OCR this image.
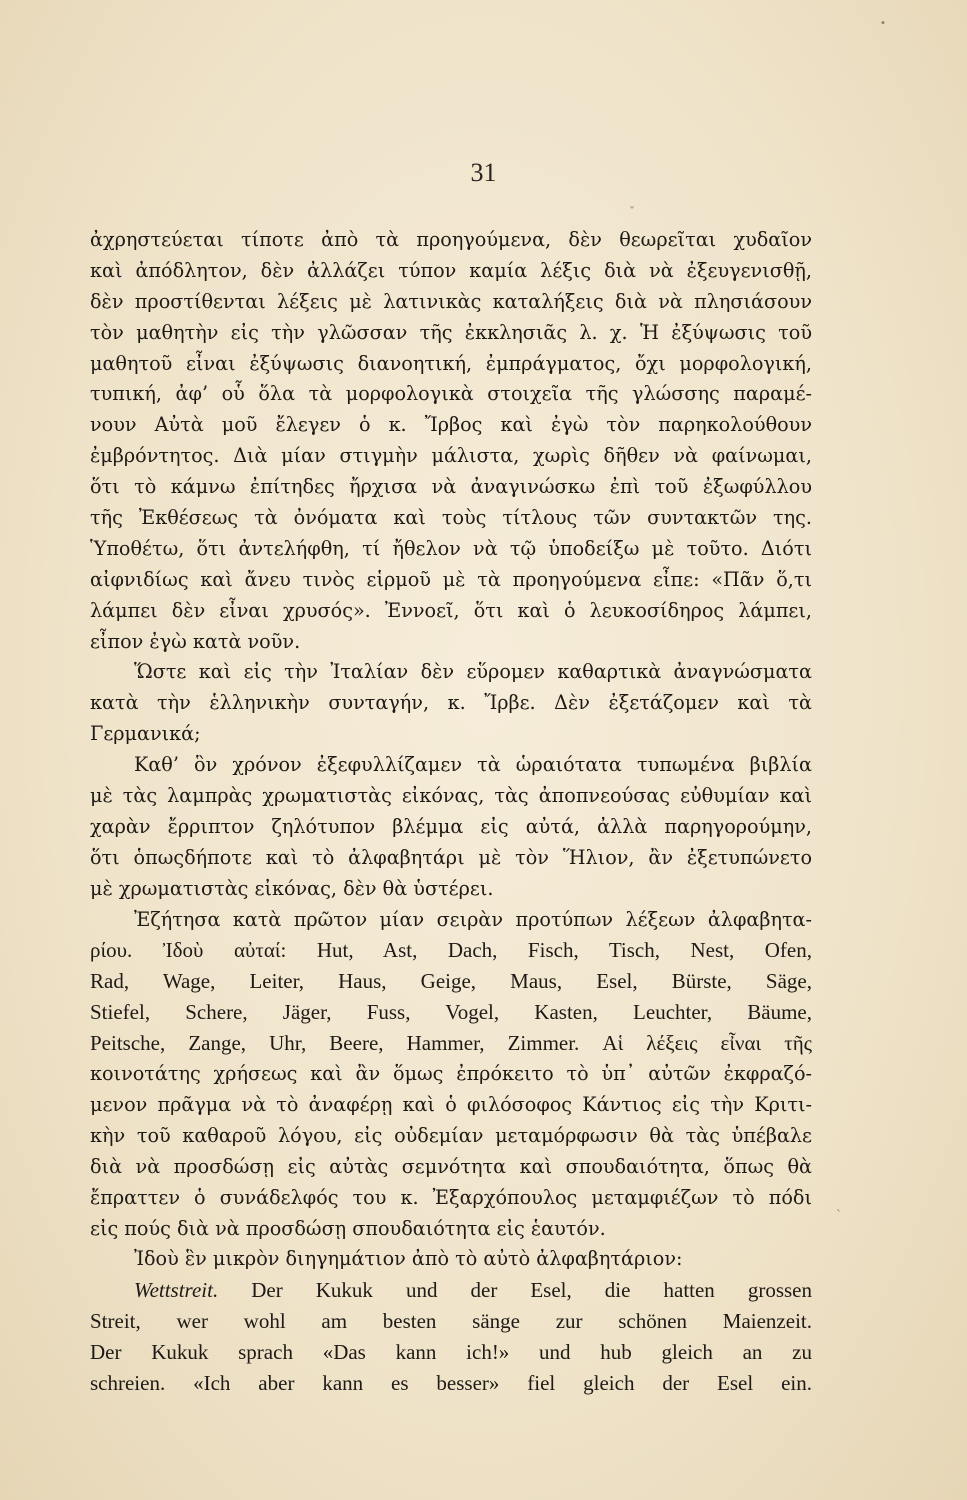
31
ἀχρηστεύεται τίποτε ἀπὸ τὰ προηγούμενα, δὲν θεωρεῖται χυδαῖον
καὶ ἀπόδλητον, δὲν ἀλλάζει τύπον καμία λέξις διὰ νὰ ἐξευγενισθῇ,
δὲν προστίθενται λέξεις μὲ λατινικὰς καταλήξεις διὰ νὰ πλησιάσουν
τὸν μαθητὴν εἰς τὴν γλῶσσαν τῆς ἐκκλησιᾶς λ. χ. Ἡ ἐξύψωσις τοῦ
μαθητοῦ εἶναι ἐξύψωσις διανοητική, ἐμπράγματος, ὄχι μορφολογική,
τυπική, ἀφ’ οὗ ὅλα τὰ μορφολογικὰ στοιχεῖα τῆς γλώσσης παραμέ-
νουν Αὐτὰ μοῦ ἔλεγεν ὁ κ. Ἴρβος καὶ ἐγὼ τὸν παρηκολούθουν
ἐμβρόντητος. Διὰ μίαν στιγμὴν μάλιστα, χωρὶς δῆθεν νὰ φαίνωμαι,
ὅτι τὸ κάμνω ἐπίτηδες ἤρχισα νὰ ἀναγινώσκω ἐπὶ τοῦ ἐξωφύλλου
τῆς Ἐκθέσεως τὰ ὀνόματα καὶ τοὺς τίτλους τῶν συντακτῶν της.
Ὑποθέτω, ὅτι ἀντελήφθη, τί ἤθελον νὰ τῷ ὑποδείξω μὲ τοῦτο. Διότι
αἰφνιδίως καὶ ἄνευ τινὸς εἱρμοῦ μὲ τὰ προηγούμενα εἶπε: «Πᾶν ὅ,τι
λάμπει δὲν εἶναι χρυσός». Ἐννοεῖ, ὅτι καὶ ὁ λευκοσίδηρος λάμπει,
εἶπον ἐγὼ κατὰ νοῦν.
Ὥστε καὶ εἰς τὴν Ἰταλίαν δὲν εὕρομεν καθαρτικὰ ἀναγνώσματα
κατὰ τὴν ἑλληνικὴν συνταγήν, κ. Ἴρβε. Δὲν ἐξετάζομεν καὶ τὰ
Γερμανικά;
Καθ’ ὃν χρόνον ἐξεφυλλίζαμεν τὰ ὡραιότατα τυπωμένα βιβλία
μὲ τὰς λαμπρὰς χρωματιστὰς εἰκόνας, τὰς ἀποπνεούσας εὐθυμίαν καὶ
χαρὰν ἔρριπτον ζηλότυπον βλέμμα εἰς αὐτά, ἀλλὰ παρηγορούμην,
ὅτι ὁπωςδήποτε καὶ τὸ ἀλφαβητάρι μὲ τὸν Ἥλιον, ἂν ἐξετυπώνετο
μὲ χρωματιστὰς εἰκόνας, δὲν θὰ ὑστέρει.
Ἐζήτησα κατὰ πρῶτον μίαν σειρὰν προτύπων λέξεων ἀλφαβητα-
ρίου. Ἰδοὺ αὐταί: Hut, Ast, Dach, Fisch, Tisch, Nest, Ofen,
Rad, Wage, Leiter, Haus, Geige, Maus, Esel, Bürste, Säge,
Stiefel, Schere, Jäger, Fuss, Vogel, Kasten, Leuchter, Bäume,
Peitsche, Zange, Uhr, Beere, Hammer, Zimmer. Αἱ λέξεις εἶναι τῆς
κοινοτάτης χρήσεως καὶ ἂν ὅμως ἐπρόκειτο τὸ ὑπ᾿ αὐτῶν ἐκφραζό-
μενον πρᾶγμα νὰ τὸ ἀναφέρῃ καὶ ὁ φιλόσοφος Κάντιος εἰς τὴν Κριτι-
κὴν τοῦ καθαροῦ λόγου, εἰς οὐδεμίαν μεταμόρφωσιν θὰ τὰς ὑπέβαλε
διὰ νὰ προσδώσῃ εἰς αὐτὰς σεμνότητα καὶ σπουδαιότητα, ὅπως θὰ
ἔπραττεν ὁ συνάδελφός του κ. Ἐξαρχόπουλος μεταμφιέζων τὸ πόδι
εἰς πούς διὰ νὰ προσδώσῃ σπουδαιότητα εἰς ἑαυτόν.
Ἰδοὺ ἓν μικρὸν διηγημάτιον ἀπὸ τὸ αὐτὸ ἀλφαβητάριον:
Wettstreit. Der Kukuk und der Esel, die hatten grossen
Streit, wer wohl am besten sänge zur schönen Maienzeit.
Der Kukuk sprach «Das kann ich!» und hub gleich an zu
schreien. «Ich aber kann es besser» fiel gleich der Esel ein.
ˇ
ˋ
•
